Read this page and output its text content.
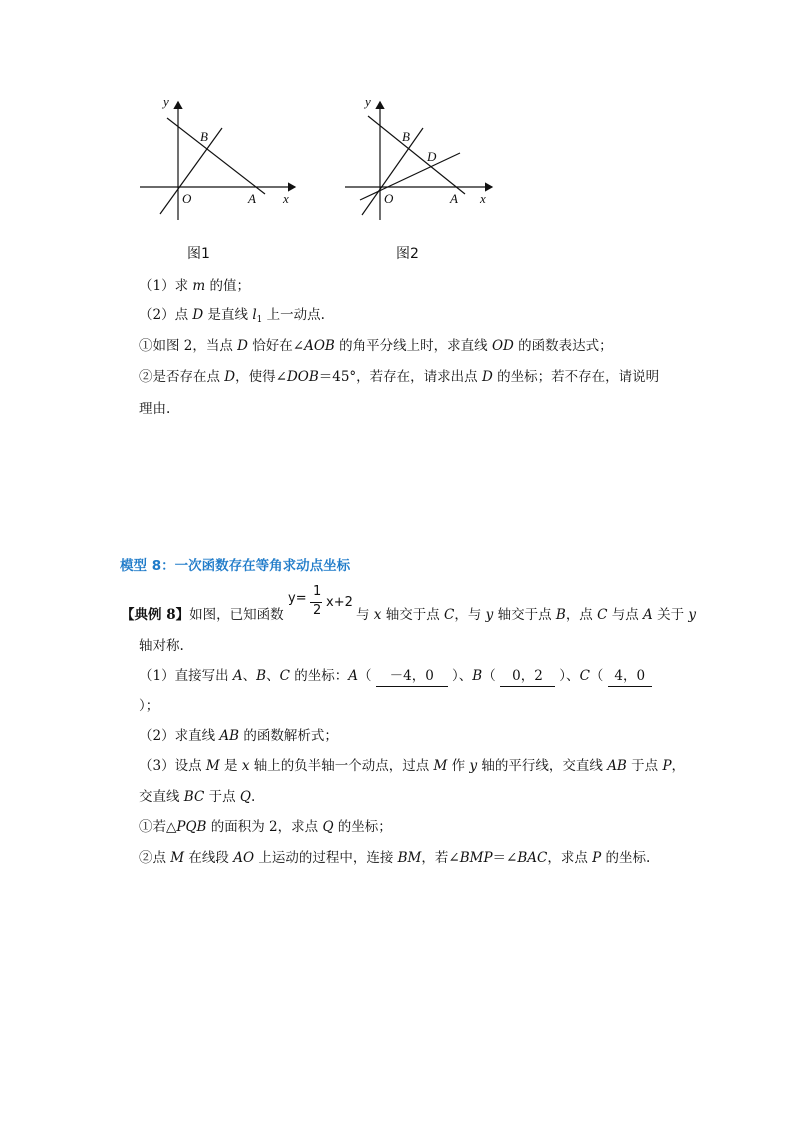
y
x
O	A
B
图1
y
x
O	A
B
D
图2
（1）求 m 的值；
（2）点 D 是直线 $l_1$ 上一动点.
①如图 2，当点 D 恰好在∠AOB 的角平分线上时，求直线 OD 的函数表达式；
②是否存在点 D，使得∠DOB＝45°，若存在，请求出点 D 的坐标；若不存在，请说明
理由.
模型 8：一次函数存在等角求动点坐标
y= 1
2
x+2
【典例 8】如图，已知函数	与 x 轴交于点 C，与 y 轴交于点 B，点 C 与点 A 关于 y
轴对称.
（1）直接写出 A、B、C 的坐标：A（ －4，0 ）、B（ 0，2 ）、C（ 4，0
）；
（2）求直线 AB 的函数解析式；
（3）设点 M 是 x 轴上的负半轴一个动点，过点 M 作 y 轴的平行线，交直线 AB 于点 P，
交直线 BC 于点 Q.
①若△PQB 的面积为 2，求点 Q 的坐标；
②点 M 在线段 AO 上运动的过程中，连接 BM，若∠BMP＝∠BAC，求点 P 的坐标.
